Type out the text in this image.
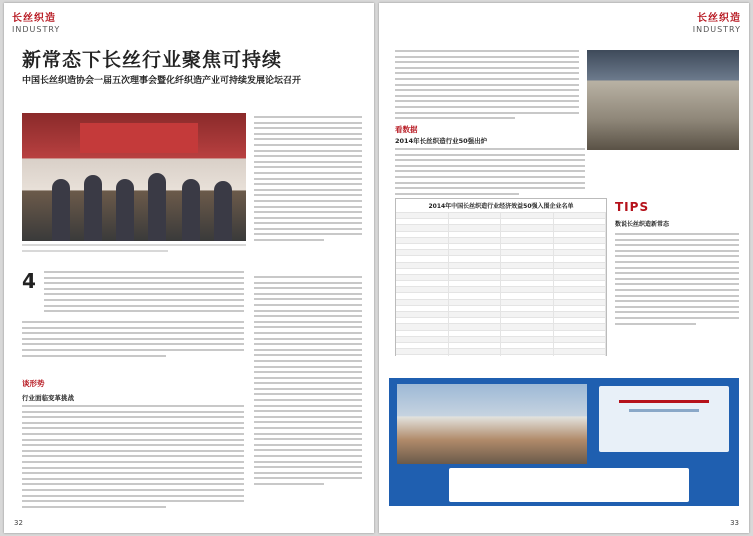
长丝织造
INDUSTRY
新常态下长丝行业聚焦可持续
中国长丝织造协会一届五次理事会暨化纤织造产业可持续发展论坛召开
4
谈形势
行业面临变革挑战
32
长丝织造
INDUSTRY
看数据
2014年长丝织造行业50强出炉
2014年中国长丝织造行业经济效益50强入围企业名单	TIPS
数说长丝织造新常态
33
